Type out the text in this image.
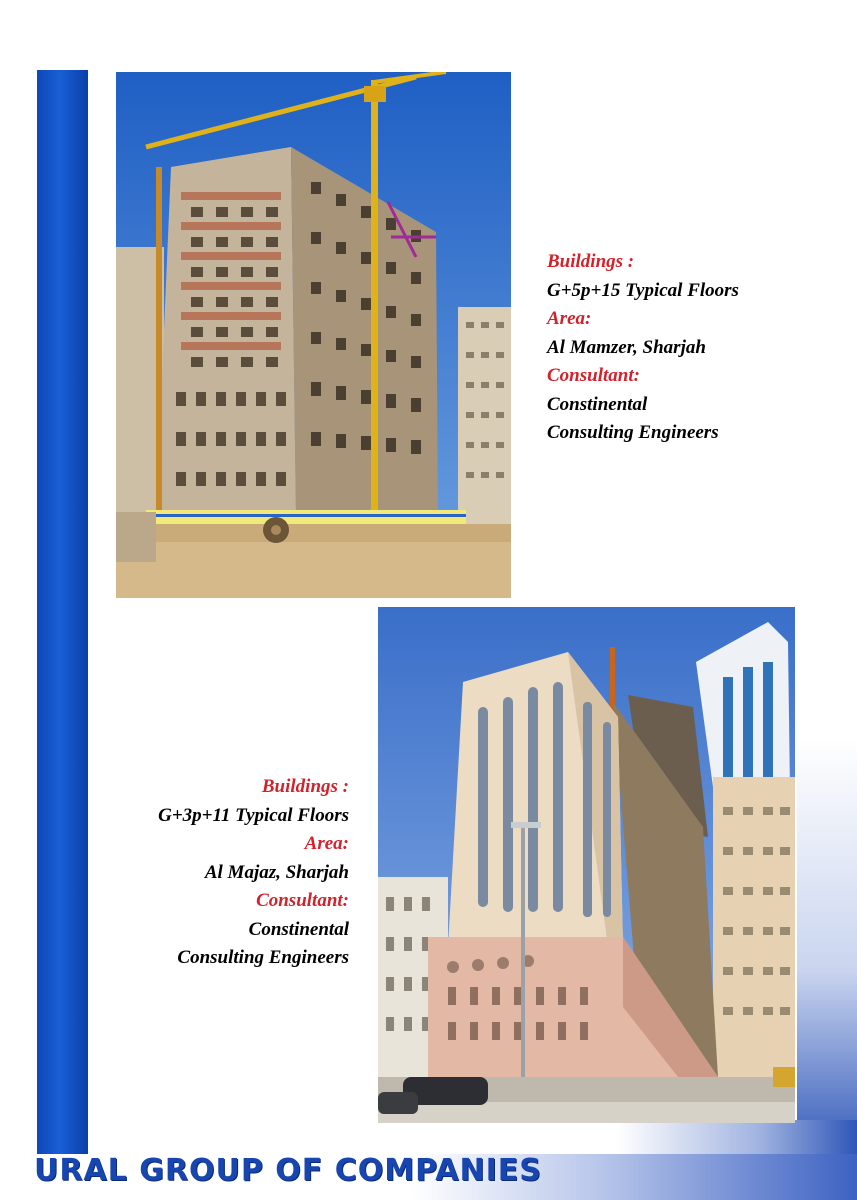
Buildings :
G+5p+15 Typical Floors
Area:
Al Mamzer, Sharjah
Consultant:
Constinental
Consulting Engineers
Buildings :
G+3p+11 Typical Floors
Area:
Al Majaz, Sharjah
Consultant:
Constinental
Consulting Engineers
URAL GROUP OF COMPANIES
